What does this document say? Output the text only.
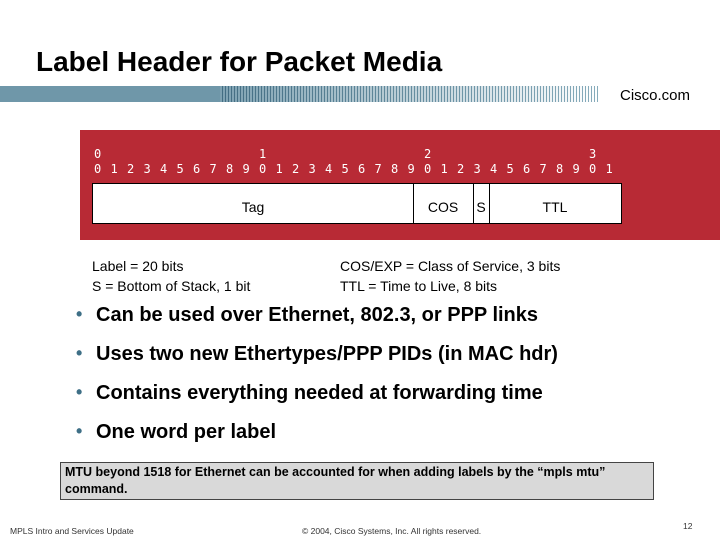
Label Header for Packet Media
Cisco.com
0	1	2	3
0 1 2 3 4 5 6 7 8 9 0 1 2 3 4 5 6 7 8 9 0 1 2 3 4 5 6 7 8 9 0 1
Tag	COS	S	TTL
Label = 20 bits
S = Bottom of Stack, 1 bit
COS/EXP = Class of Service, 3 bits
TTL = Time to Live, 8 bits
• Can be used over Ethernet, 802.3, or PPP links
• Uses two new Ethertypes/PPP PIDs (in MAC hdr)
• Contains everything needed at forwarding time
• One word per label
MTU beyond 1518 for Ethernet can be accounted for when adding labels by the “mpls mtu” command.
MPLS Intro and Services Update	© 2004, Cisco Systems, Inc. All rights reserved.	12
